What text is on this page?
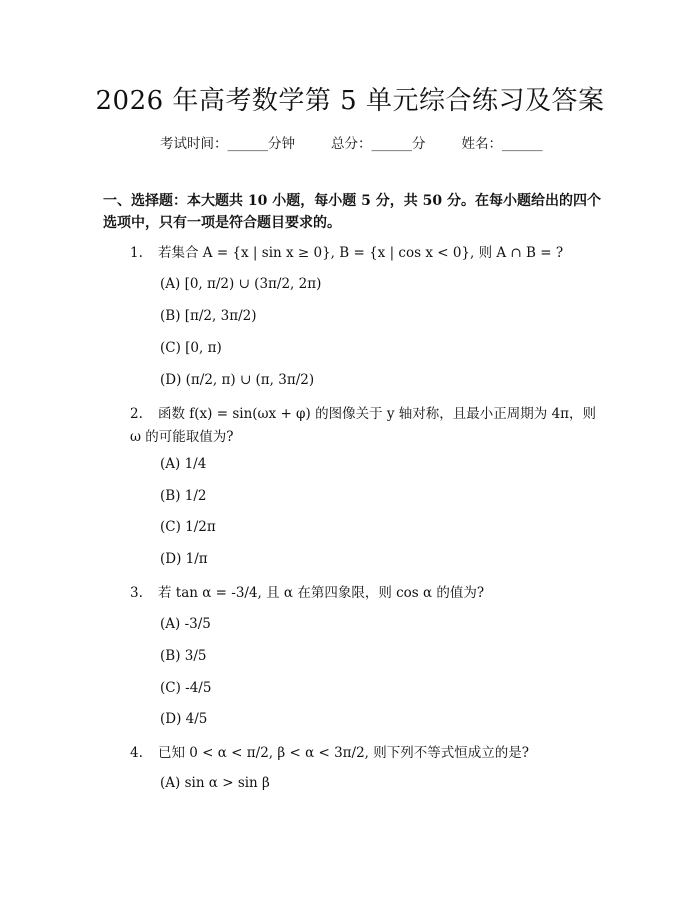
2026 年高考数学第 5 单元综合练习及答案
考试时间：______分钟	总分：______分	姓名：______
一、选择题：本大题共 10 小题，每小题 5 分，共 50 分。在每小题给出的四个选项中，只有一项是符合题目要求的。
1. 若集合 A = {x | sin x ≥ 0}, B = {x | cos x < 0}, 则 A ∩ B = ?
(A) [0, π/2) ∪ (3π/2, 2π)
(B) [π/2, 3π/2)
(C) [0, π)
(D) (π/2, π) ∪ (π, 3π/2)
2. 函数 f(x) = sin(ωx + φ) 的图像关于 y 轴对称，且最小正周期为 4π，则 ω 的可能取值为?
(A) 1/4
(B) 1/2
(C) 1/2π
(D) 1/π
3. 若 tan α = -3/4, 且 α 在第四象限，则 cos α 的值为?
(A) -3/5
(B) 3/5
(C) -4/5
(D) 4/5
4. 已知 0 < α < π/2, β < α < 3π/2, 则下列不等式恒成立的是?
(A) sin α > sin β
